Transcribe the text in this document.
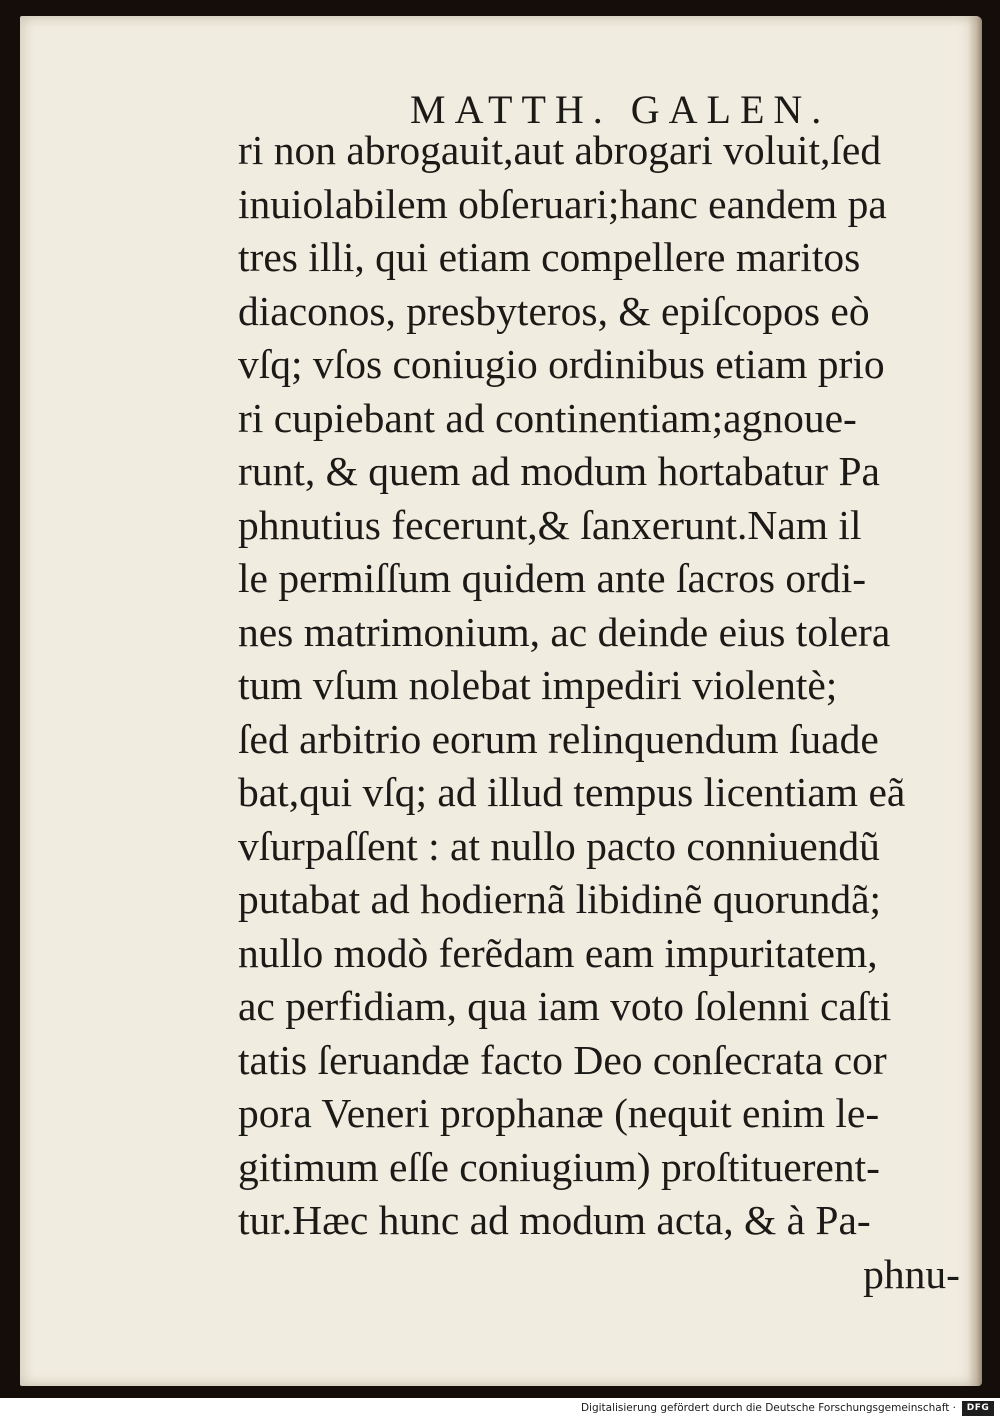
MATTH. GALEN.
ri non abrogauit,aut abrogari voluit,ſed
inuiolabilem obſeruari;hanc eandem pa
tres illi, qui etiam compellere maritos
diaconos, presbyteros, & epiſcopos eò
vſq; vſos coniugio ordinibus etiam prio
ri cupiebant ad continentiam;agnoue-
runt, & quem ad modum hortabatur Pa
phnutius fecerunt,& ſanxerunt.Nam il
le permiſſum quidem ante ſacros ordi-
nes matrimonium, ac deinde eius tolera
tum vſum nolebat impediri violentè;
ſed arbitrio eorum relinquendum ſuade
bat,qui vſq; ad illud tempus licentiam eã
vſurpaſſent : at nullo pacto conniuendũ
putabat ad hodiernã libidinẽ quorundã;
nullo modò ferẽdam eam impuritatem,
ac perfidiam, qua iam voto ſolenni caſti
tatis ſeruandæ facto Deo conſecrata cor
pora Veneri prophanæ (nequit enim le-
gitimum eſſe coniugium) proſtituerent-
tur.Hæc hunc ad modum acta, & à Pa-
phnu-
Digitalisierung gefördert durch die Deutsche Forschungsgemeinschaft ·	DFG
